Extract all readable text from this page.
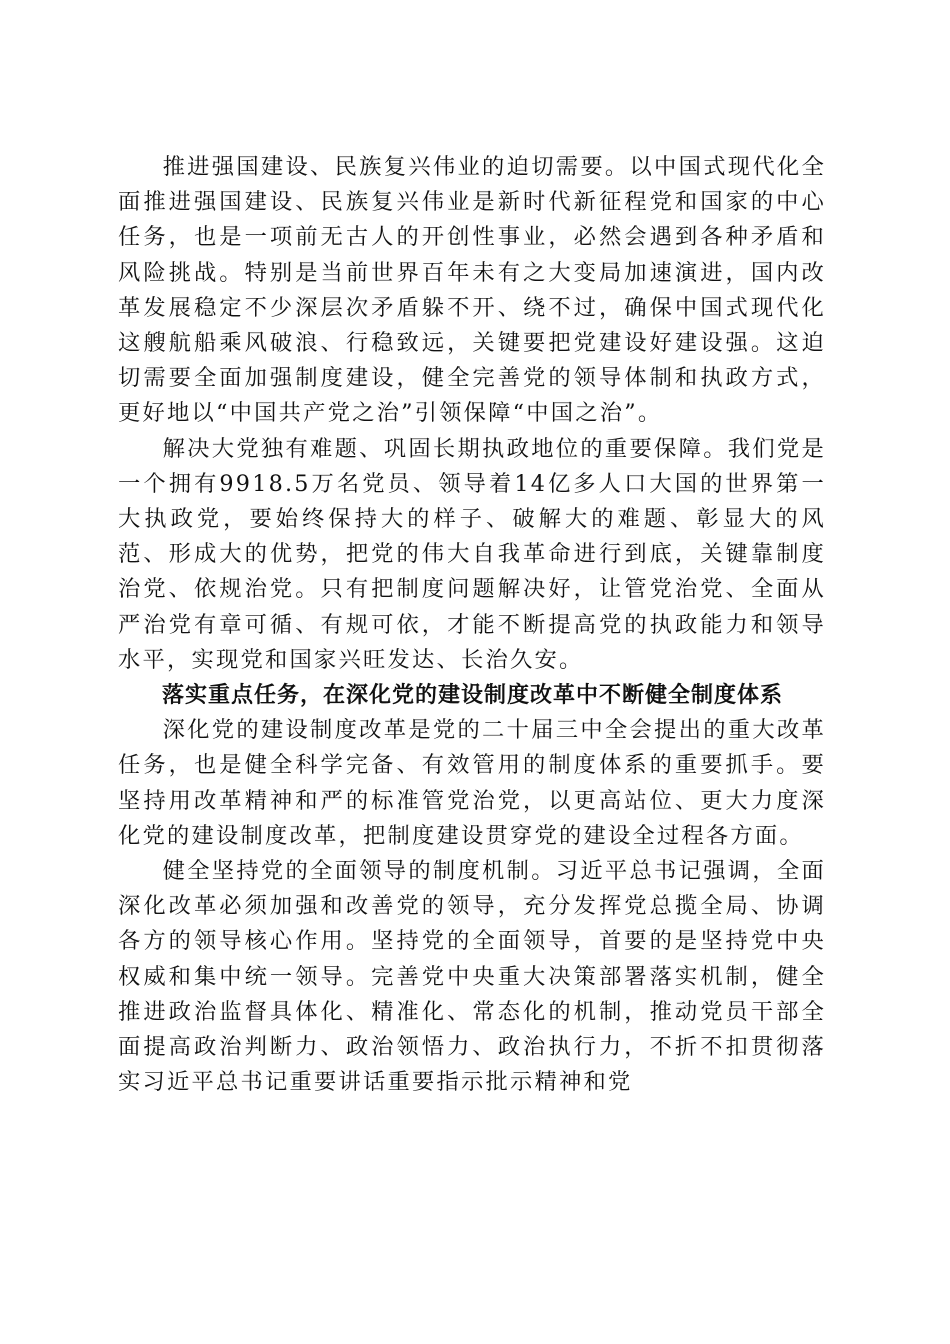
推进强国建设、民族复兴伟业的迫切需要。以中国式现代化全面推进强国建设、民族复兴伟业是新时代新征程党和国家的中心任务，也是一项前无古人的开创性事业，必然会遇到各种矛盾和风险挑战。特别是当前世界百年未有之大变局加速演进，国内改革发展稳定不少深层次矛盾躲不开、绕不过，确保中国式现代化这艘航船乘风破浪、行稳致远，关键要把党建设好建设强。这迫切需要全面加强制度建设，健全完善党的领导体制和执政方式，更好地以“中国共产党之治”引领保障“中国之治”。

解决大党独有难题、巩固长期执政地位的重要保障。我们党是一个拥有9918.5万名党员、领导着14亿多人口大国的世界第一大执政党，要始终保持大的样子、破解大的难题、彰显大的风范、形成大的优势，把党的伟大自我革命进行到底，关键靠制度治党、依规治党。只有把制度问题解决好，让管党治党、全面从严治党有章可循、有规可依，才能不断提高党的执政能力和领导水平，实现党和国家兴旺发达、长治久安。

落实重点任务，在深化党的建设制度改革中不断健全制度体系

深化党的建设制度改革是党的二十届三中全会提出的重大改革任务，也是健全科学完备、有效管用的制度体系的重要抓手。要坚持用改革精神和严的标准管党治党，以更高站位、更大力度深化党的建设制度改革，把制度建设贯穿党的建设全过程各方面。

健全坚持党的全面领导的制度机制。习近平总书记强调，全面深化改革必须加强和改善党的领导，充分发挥党总揽全局、协调各方的领导核心作用。坚持党的全面领导，首要的是坚持党中央权威和集中统一领导。完善党中央重大决策部署落实机制，健全推进政治监督具体化、精准化、常态化的机制，推动党员干部全面提高政治判断力、政治领悟力、政治执行力，不折不扣贯彻落实习近平总书记重要讲话重要指示批示精神和党
